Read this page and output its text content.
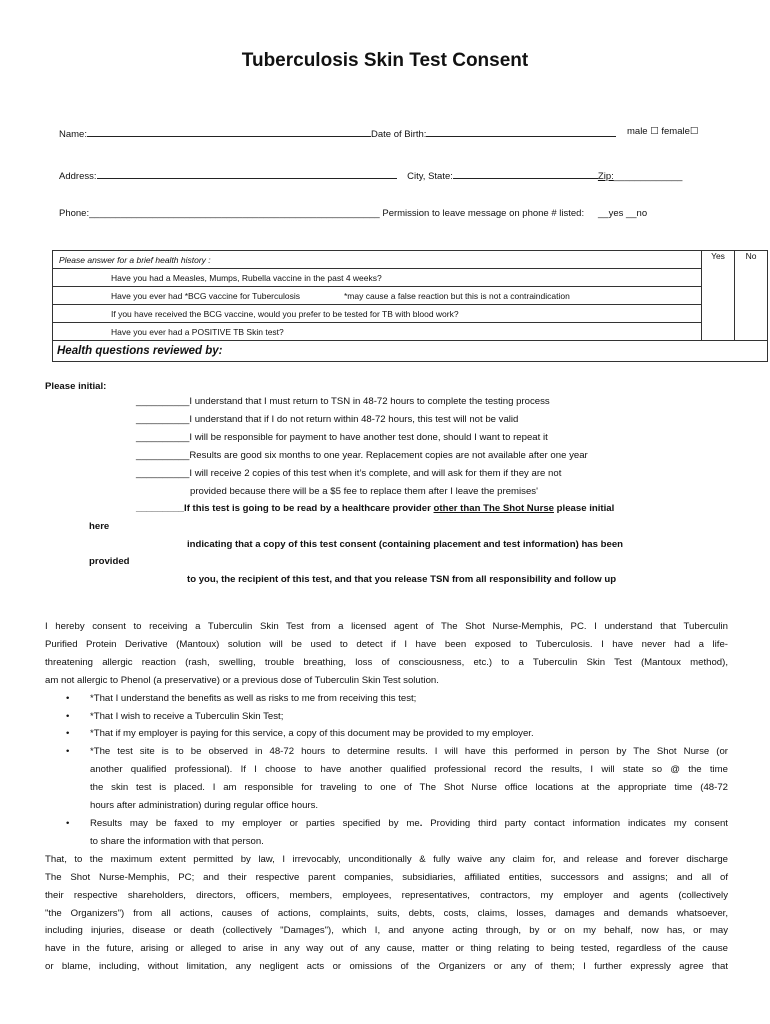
Tuberculosis Skin Test Consent
Name:	Date of Birth:	male ☐ female☐
Address:	City, State:	Zip:_____________
Phone:_______________________________________________________ Permission to leave message on phone # listed: __yes __no
Please answer for a brief health history :	Yes	No
Have you had a Measles, Mumps, Rubella vaccine in the past 4 weeks?
Have you ever had *BCG vaccine for Tuberculosis	*may cause a false reaction but this is not a contraindication
If you have received the BCG vaccine, would you prefer to be tested for TB with blood work?
Have you ever had a POSITIVE TB Skin test?
Health questions reviewed by:
Please initial:
__________I understand that I must return to TSN in 48-72 hours to complete the testing process
__________I understand that if I do not return within 48-72 hours, this test will not be valid
__________I will be responsible for payment to have another test done, should I want to repeat it
__________Results are good six months to one year. Replacement copies are not available after one year
__________I will receive 2 copies of this test when it’s complete, and will ask for them if they are not
provided because there will be a $5 fee to replace them after I leave the premises'
_________If this test is going to be read by a healthcare provider other than The Shot Nurse please initial
here
indicating that a copy of this test consent (containing placement and test information) has been
provided
to you, the recipient of this test, and that you release TSN from all responsibility and follow up
I hereby consent to receiving a Tuberculin Skin Test from a licensed agent of The Shot Nurse-Memphis, PC. I understand that Tuberculin
Purified Protein Derivative (Mantoux) solution will be used to detect if I have been exposed to Tuberculosis. I have never had a life-
threatening allergic reaction (rash, swelling, trouble breathing, loss of consciousness, etc.) to a Tuberculin Skin Test (Mantoux method),
am not allergic to Phenol (a preservative) or a previous dose of Tuberculin Skin Test solution.
• *That I understand the benefits as well as risks to me from receiving this test;
• *That I wish to receive a Tuberculin Skin Test;
• *That if my employer is paying for this service, a copy of this document may be provided to my employer.
• *The test site is to be observed in 48-72 hours to determine results. I will have this performed in person by The Shot Nurse (or
another qualified professional). If I choose to have another qualified professional record the results, I will state so @ the time
the skin test is placed. I am responsible for traveling to one of The Shot Nurse office locations at the appropriate time (48-72
hours after administration) during regular office hours.
• Results may be faxed to my employer or parties specified by me. Providing third party contact information indicates my consent
to share the information with that person.
That, to the maximum extent permitted by law, I irrevocably, unconditionally & fully waive any claim for, and release and forever discharge
The Shot Nurse-Memphis, PC; and their respective parent companies, subsidiaries, affiliated entities, successors and assigns; and all of
their respective shareholders, directors, officers, members, employees, representatives, contractors, my employer and agents (collectively
"the Organizers") from all actions, causes of actions, complaints, suits, debts, costs, claims, losses, damages and demands whatsoever,
including injuries, disease or death (collectively "Damages"), which I, and anyone acting through, by or on my behalf, now has, or may
have in the future, arising or alleged to arise in any way out of any cause, matter or thing relating to being tested, regardless of the cause
or blame, including, without limitation, any negligent acts or omissions of the Organizers or any of them; I further expressly agree that
